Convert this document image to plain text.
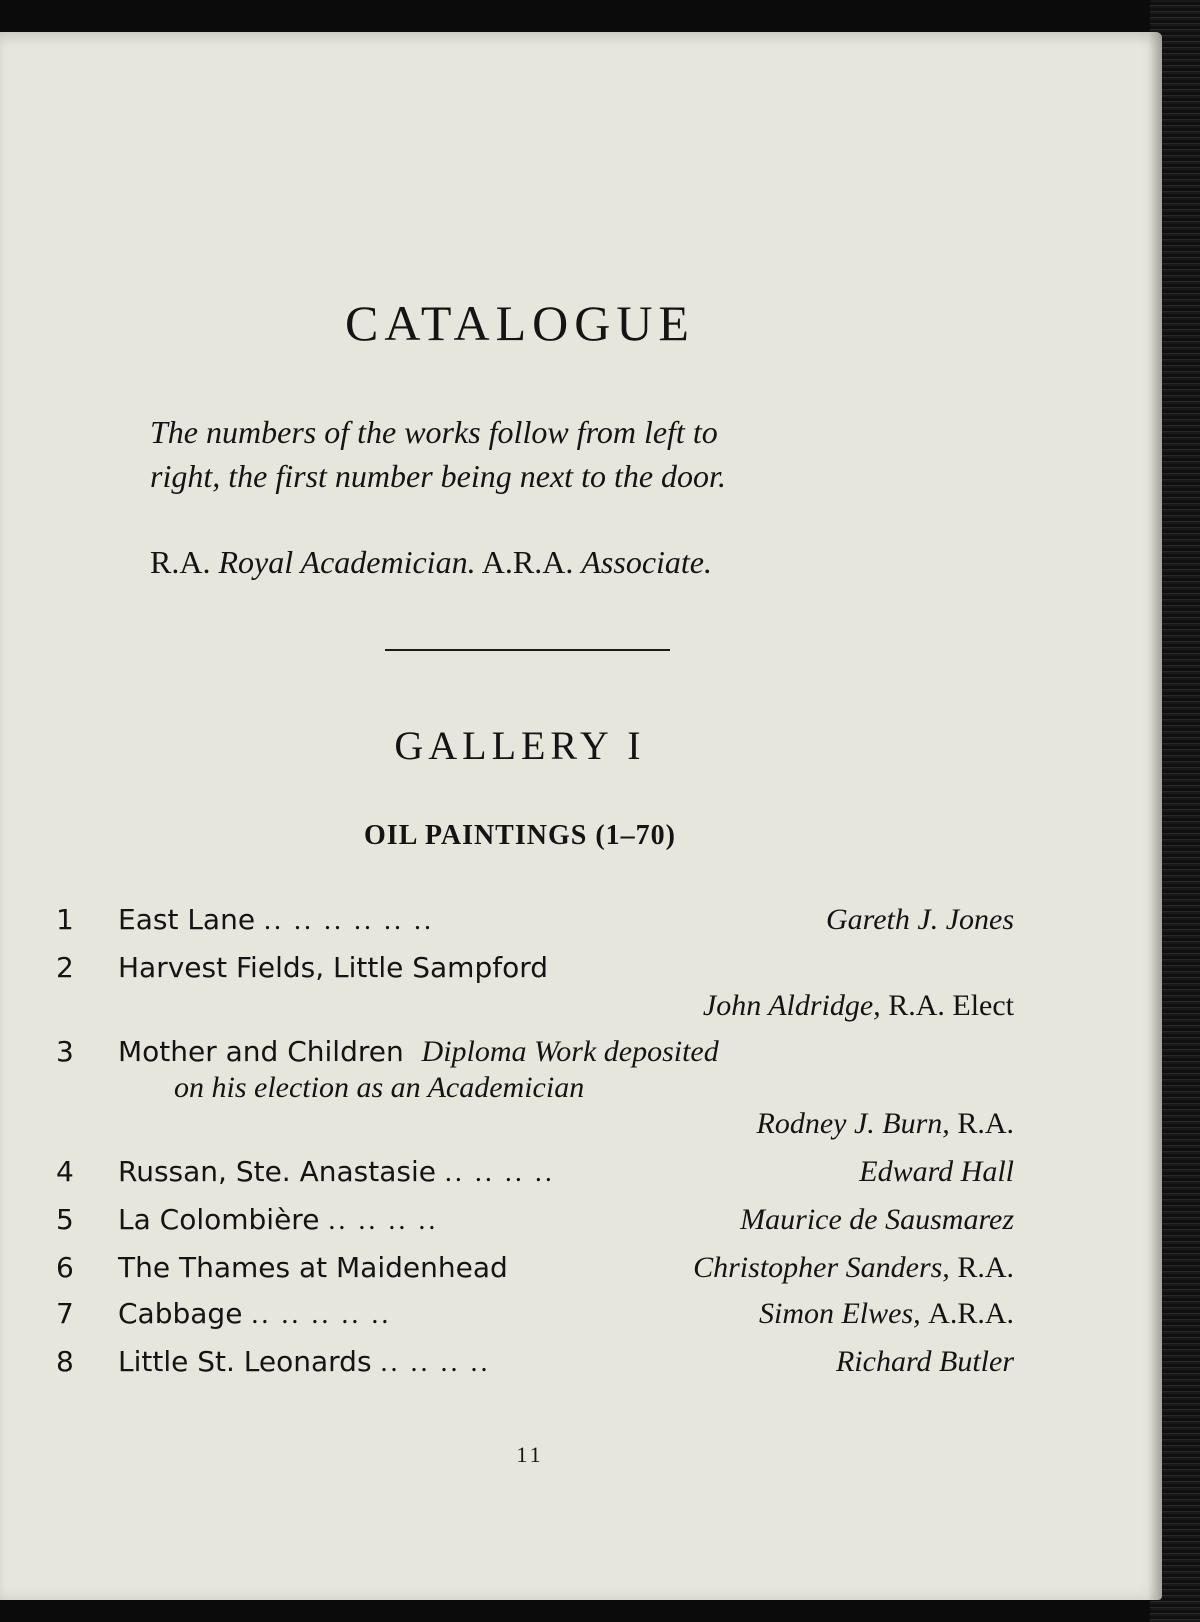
CATALOGUE
The numbers of the works follow from left to
right, the first number being next to the door.
R.A. Royal Academician. A.R.A. Associate.
GALLERY I
OIL PAINTINGS (1–70)
1	East Lane .. .. .. .. .. ..	Gareth J. Jones
2	Harvest Fields, Little Sampford
John Aldridge, R.A. Elect
3	Mother and Children Diploma Work deposited
on his election as an Academician
Rodney J. Burn, R.A.
4	Russan, Ste. Anastasie .. .. .. ..	Edward Hall
5	La Colombière .. .. .. ..	Maurice de Sausmarez
6	The Thames at Maidenhead	Christopher Sanders, R.A.
7	Cabbage .. .. .. .. ..	Simon Elwes, A.R.A.
8	Little St. Leonards .. .. .. ..	Richard Butler
11
